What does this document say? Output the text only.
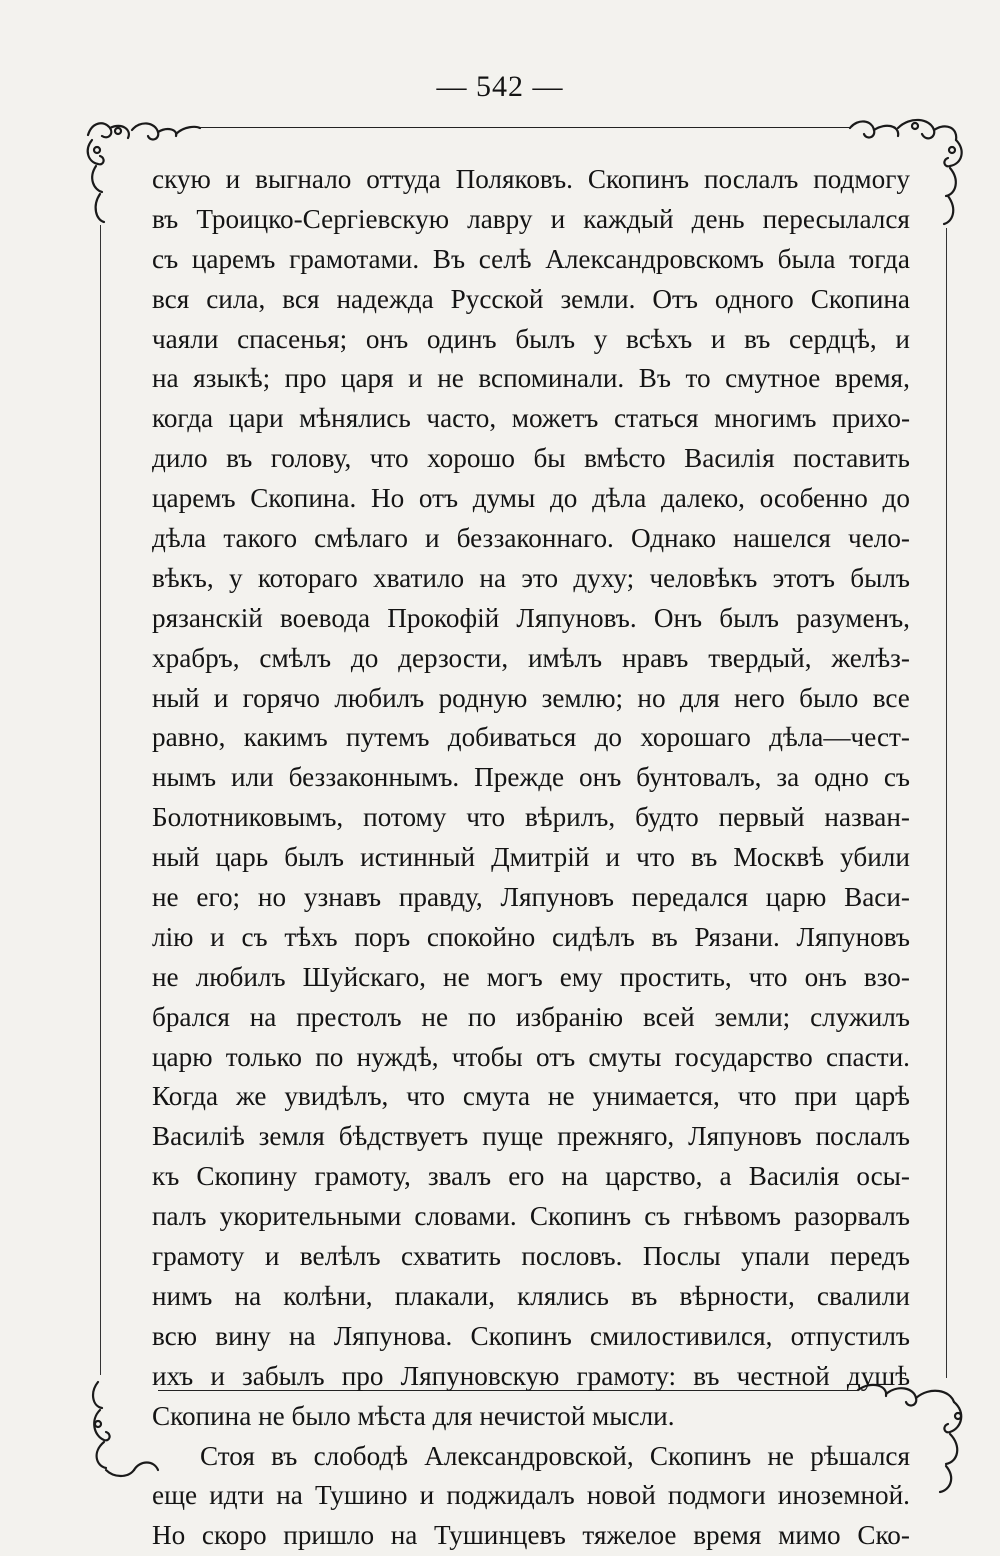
— 542 —
скую и выгнало оттуда Поляковъ. Скопинъ послалъ подмогу
въ Троицко-Сергіевскую лавру и каждый день пересылался
съ царемъ грамотами. Въ селѣ Александровскомъ была тогда
вся сила, вся надежда Русской земли. Отъ одного Скопина
чаяли спасенья; онъ одинъ былъ у всѣхъ и въ сердцѣ, и
на языкѣ; про царя и не вспоминали. Въ то смутное время,
когда цари мѣнялись часто, можетъ статься многимъ прихо-
дило въ голову, что хорошо бы вмѣсто Василія поставить
царемъ Скопина. Но отъ думы до дѣла далеко, особенно до
дѣла такого смѣлаго и беззаконнаго. Однако нашелся чело-
вѣкъ, у котораго хватило на это духу; человѣкъ этотъ былъ
рязанскій воевода Прокофій Ляпуновъ. Онъ былъ разуменъ,
храбръ, смѣлъ до дерзости, имѣлъ нравъ твердый, желѣз-
ный и горячо любилъ родную землю; но для него было все
равно, какимъ путемъ добиваться до хорошаго дѣла—чест-
нымъ или беззаконнымъ. Прежде онъ бунтовалъ, за одно съ
Болотниковымъ, потому что вѣрилъ, будто первый назван-
ный царь былъ истинный Дмитрій и что въ Москвѣ убили
не его; но узнавъ правду, Ляпуновъ передался царю Васи-
лію и съ тѣхъ поръ спокойно сидѣлъ въ Рязани. Ляпуновъ
не любилъ Шуйскаго, не могъ ему простить, что онъ взо-
брался на престолъ не по избранію всей земли; служилъ
царю только по нуждѣ, чтобы отъ смуты государство спасти.
Когда же увидѣлъ, что смута не унимается, что при царѣ
Василіѣ земля бѣдствуетъ пуще прежняго, Ляпуновъ послалъ
къ Скопину грамоту, звалъ его на царство, а Василія осы-
палъ укорительными словами. Скопинъ съ гнѣвомъ разорвалъ
грамоту и велѣлъ схватить пословъ. Послы упали передъ
нимъ на колѣни, плакали, клялись въ вѣрности, свалили
всю вину на Ляпунова. Скопинъ смилостивился, отпустилъ
ихъ и забылъ про Ляпуновскую грамоту: въ честной душѣ
Скопина не было мѣста для нечистой мысли.
Стоя въ слободѣ Александровской, Скопинъ не рѣшался
еще идти на Тушино и поджидалъ новой подмоги иноземной.
Но скоро пришло на Тушинцевъ тяжелое время мимо Ско-
